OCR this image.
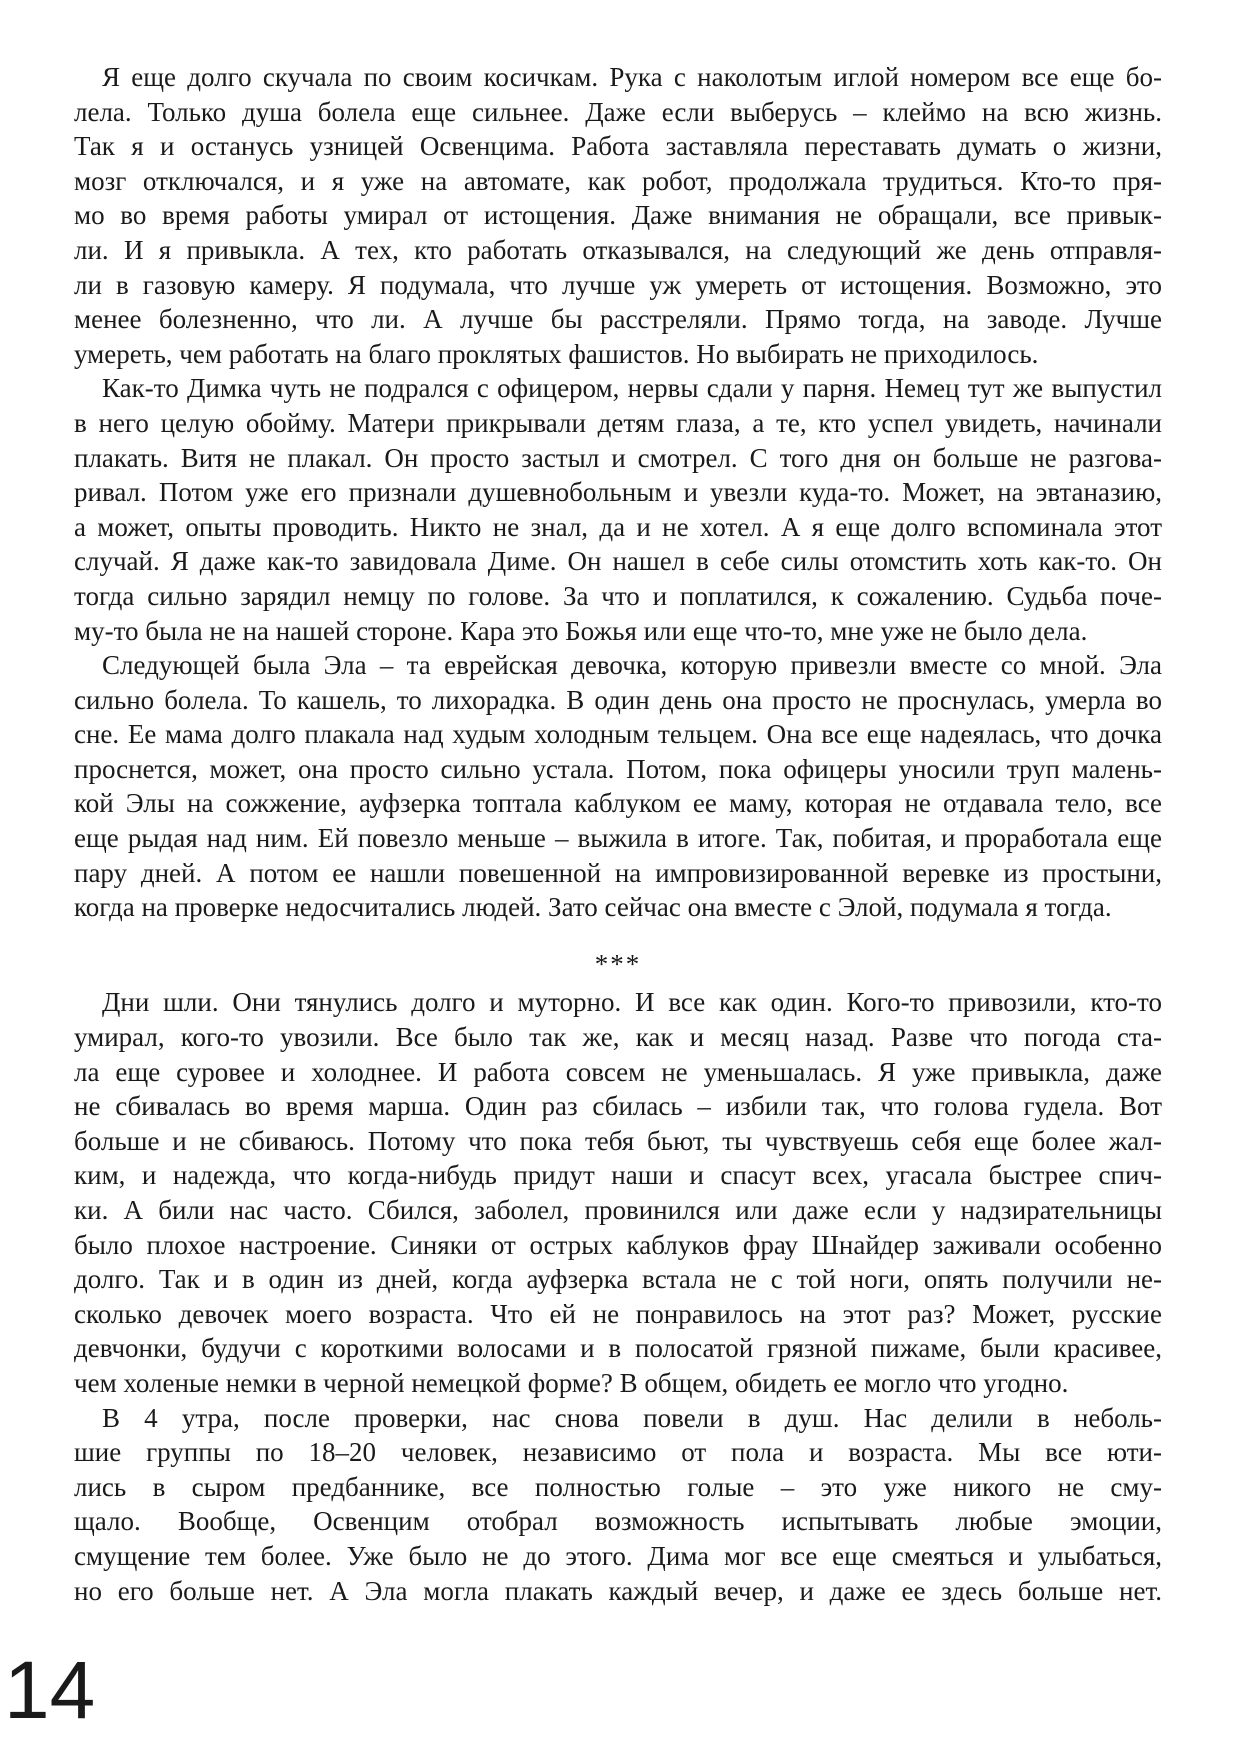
Я еще долго скучала по своим косичкам. Рука с наколотым иглой номером все еще бо-
лела. Только душа болела еще сильнее. Даже если выберусь – клеймо на всю жизнь.
Так я и останусь узницей Освенцима. Работа заставляла переставать думать о жизни,
мозг отключался, и я уже на автомате, как робот, продолжала трудиться. Кто-то пря-
мо во время работы умирал от истощения. Даже внимания не обращали, все привык-
ли. И я привыкла. А тех, кто работать отказывался, на следующий же день отправля-
ли в газовую камеру. Я подумала, что лучше уж умереть от истощения. Возможно, это
менее болезненно, что ли. А лучше бы расстреляли. Прямо тогда, на заводе. Лучше
умереть, чем работать на благо проклятых фашистов. Но выбирать не приходилось.
Как-то Димка чуть не подрался с офицером, нервы сдали у парня. Немец тут же выпустил
в него целую обойму. Матери прикрывали детям глаза, а те, кто успел увидеть, начинали
плакать. Витя не плакал. Он просто застыл и смотрел. С того дня он больше не разгова-
ривал. Потом уже его признали душевнобольным и увезли куда-то. Может, на эвтаназию,
а может, опыты проводить. Никто не знал, да и не хотел. А я еще долго вспоминала этот
случай. Я даже как-то завидовала Диме. Он нашел в себе силы отомстить хоть как-то. Он
тогда сильно зарядил немцу по голове. За что и поплатился, к сожалению. Судьба поче-
му-то была не на нашей стороне. Кара это Божья или еще что-то, мне уже не было дела.
Следующей была Эла – та еврейская девочка, которую привезли вместе со мной. Эла
сильно болела. То кашель, то лихорадка. В один день она просто не проснулась, умерла во
сне. Ее мама долго плакала над худым холодным тельцем. Она все еще надеялась, что дочка
проснется, может, она просто сильно устала. Потом, пока офицеры уносили труп малень-
кой Элы на сожжение, ауфзерка топтала каблуком ее маму, которая не отдавала тело, все
еще рыдая над ним. Ей повезло меньше – выжила в итоге. Так, побитая, и проработала еще
пару дней. А потом ее нашли повешенной на импровизированной веревке из простыни,
когда на проверке недосчитались людей. Зато сейчас она вместе с Элой, подумала я тогда.
***
Дни шли. Они тянулись долго и муторно. И все как один. Кого-то привозили, кто-то
умирал, кого-то увозили. Все было так же, как и месяц назад. Разве что погода ста-
ла еще суровее и холоднее. И работа совсем не уменьшалась. Я уже привыкла, даже
не сбивалась во время марша. Один раз сбилась – избили так, что голова гудела. Вот
больше и не сбиваюсь. Потому что пока тебя бьют, ты чувствуешь себя еще более жал-
ким, и надежда, что когда-нибудь придут наши и спасут всех, угасала быстрее спич-
ки. А били нас часто. Сбился, заболел, провинился или даже если у надзирательницы
было плохое настроение. Синяки от острых каблуков фрау Шнайдер заживали особенно
долго. Так и в один из дней, когда ауфзерка встала не с той ноги, опять получили не-
сколько девочек моего возраста. Что ей не понравилось на этот раз? Может, русские
девчонки, будучи с короткими волосами и в полосатой грязной пижаме, были красивее,
чем холеные немки в черной немецкой форме? В общем, обидеть ее могло что угодно.
В 4 утра, после проверки, нас снова повели в душ. Нас делили в неболь-
шие группы по 18–20 человек, независимо от пола и возраста. Мы все юти-
лись в сыром предбаннике, все полностью голые – это уже никого не сму-
щало. Вообще, Освенцим отобрал возможность испытывать любые эмоции,
смущение тем более. Уже было не до этого. Дима мог все еще смеяться и улыбаться,
но его больше нет. А Эла могла плакать каждый вечер, и даже ее здесь больше нет.
14
